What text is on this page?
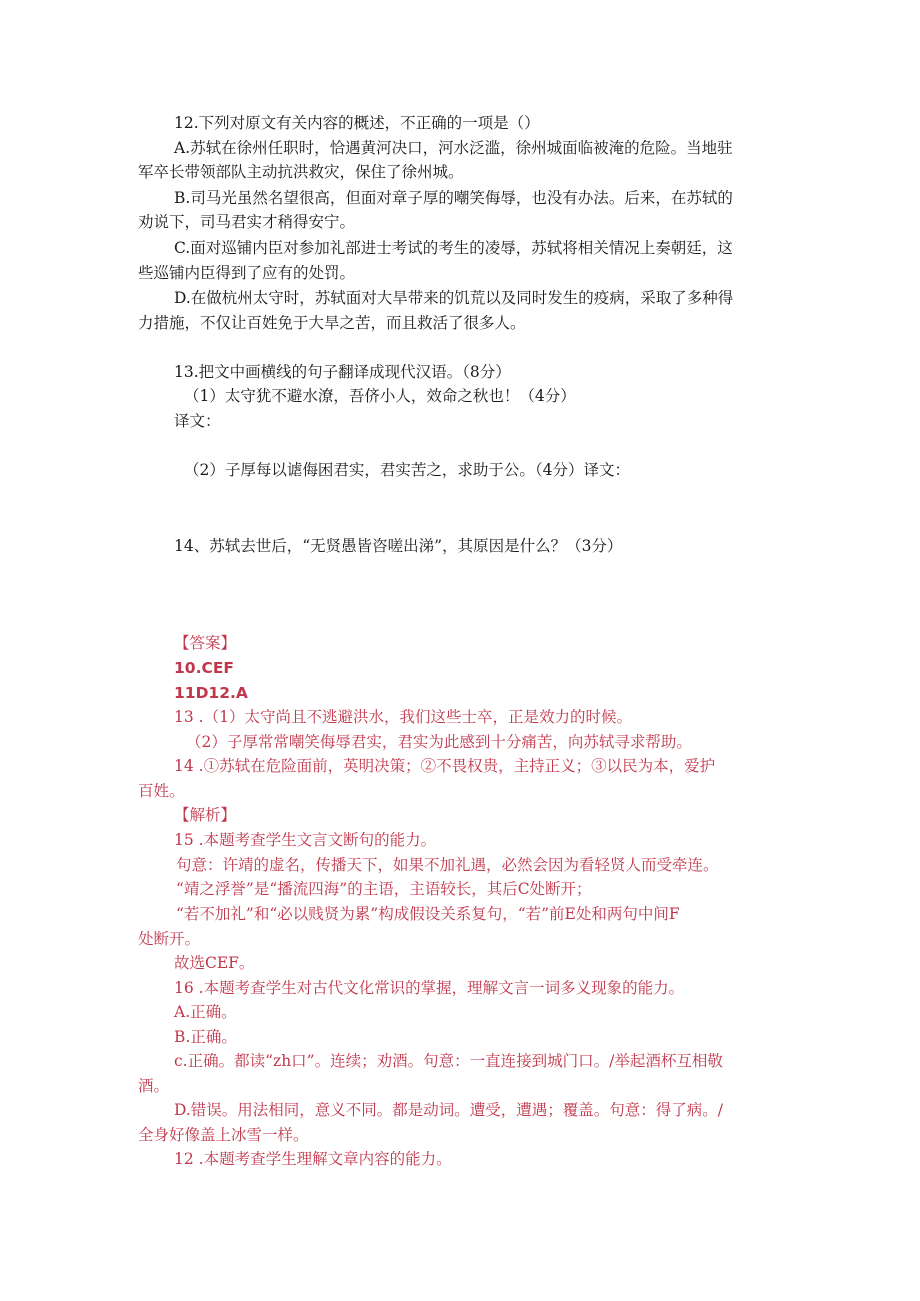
12.下列对原文有关内容的概述，不正确的一项是（）
A.苏轼在徐州任职时，恰遇黄河决口，河水泛滥，徐州城面临被淹的危险。当地驻
军卒长带领部队主动抗洪救灾，保住了徐州城。
B.司马光虽然名望很高，但面对章子厚的嘲笑侮辱，也没有办法。后来，在苏轼的
劝说下，司马君实才稍得安宁。
C.面对巡铺内臣对参加礼部进士考试的考生的凌辱，苏轼将相关情况上奏朝廷，这
些巡铺内臣得到了应有的处罚。
D.在做杭州太守时，苏轼面对大旱带来的饥荒以及同时发生的疫病，采取了多种得
力措施，不仅让百姓免于大旱之苦，而且救活了很多人。
13.把文中画横线的句子翻译成现代汉语。（8分）
（1）太守犹不避水潦，吾侪小人，效命之秋也！（4分）
译文：
（2）子厚每以谑侮困君实，君实苦之，求助于公。（4分）译文：
14、苏轼去世后，“无贤愚皆咨嗟出涕”，其原因是什么？（3分）
【答案】
10.CEF
11D12.A
13 .（1）太守尚且不逃避洪水，我们这些士卒，正是效力的时候。
（2）子厚常常嘲笑侮辱君实，君实为此感到十分痛苦，向苏轼寻求帮助。
14 .①苏轼在危险面前，英明决策；②不畏权贵，主持正义；③以民为本，爱护
百姓。
【解析】
15 .本题考查学生文言文断句的能力。
句意：许靖的虚名，传播天下，如果不加礼遇，必然会因为看轻贤人而受牵连。
“靖之浮誉”是“播流四海”的主语，主语较长，其后C处断开；
“若不加礼”和“必以贱贤为累”构成假设关系复句，“若”前E处和两句中间F
处断开。
故选CEF。
16 .本题考查学生对古代文化常识的掌握，理解文言一词多义现象的能力。
A.正确。
B.正确。
c.正确。都读“zh口”。连续；劝酒。句意：一直连接到城门口。/举起酒杯互相敬
酒。
D.错误。用法相同，意义不同。都是动词。遭受，遭遇；覆盖。句意：得了病。/
全身好像盖上冰雪一样。
12 .本题考查学生理解文章内容的能力。
